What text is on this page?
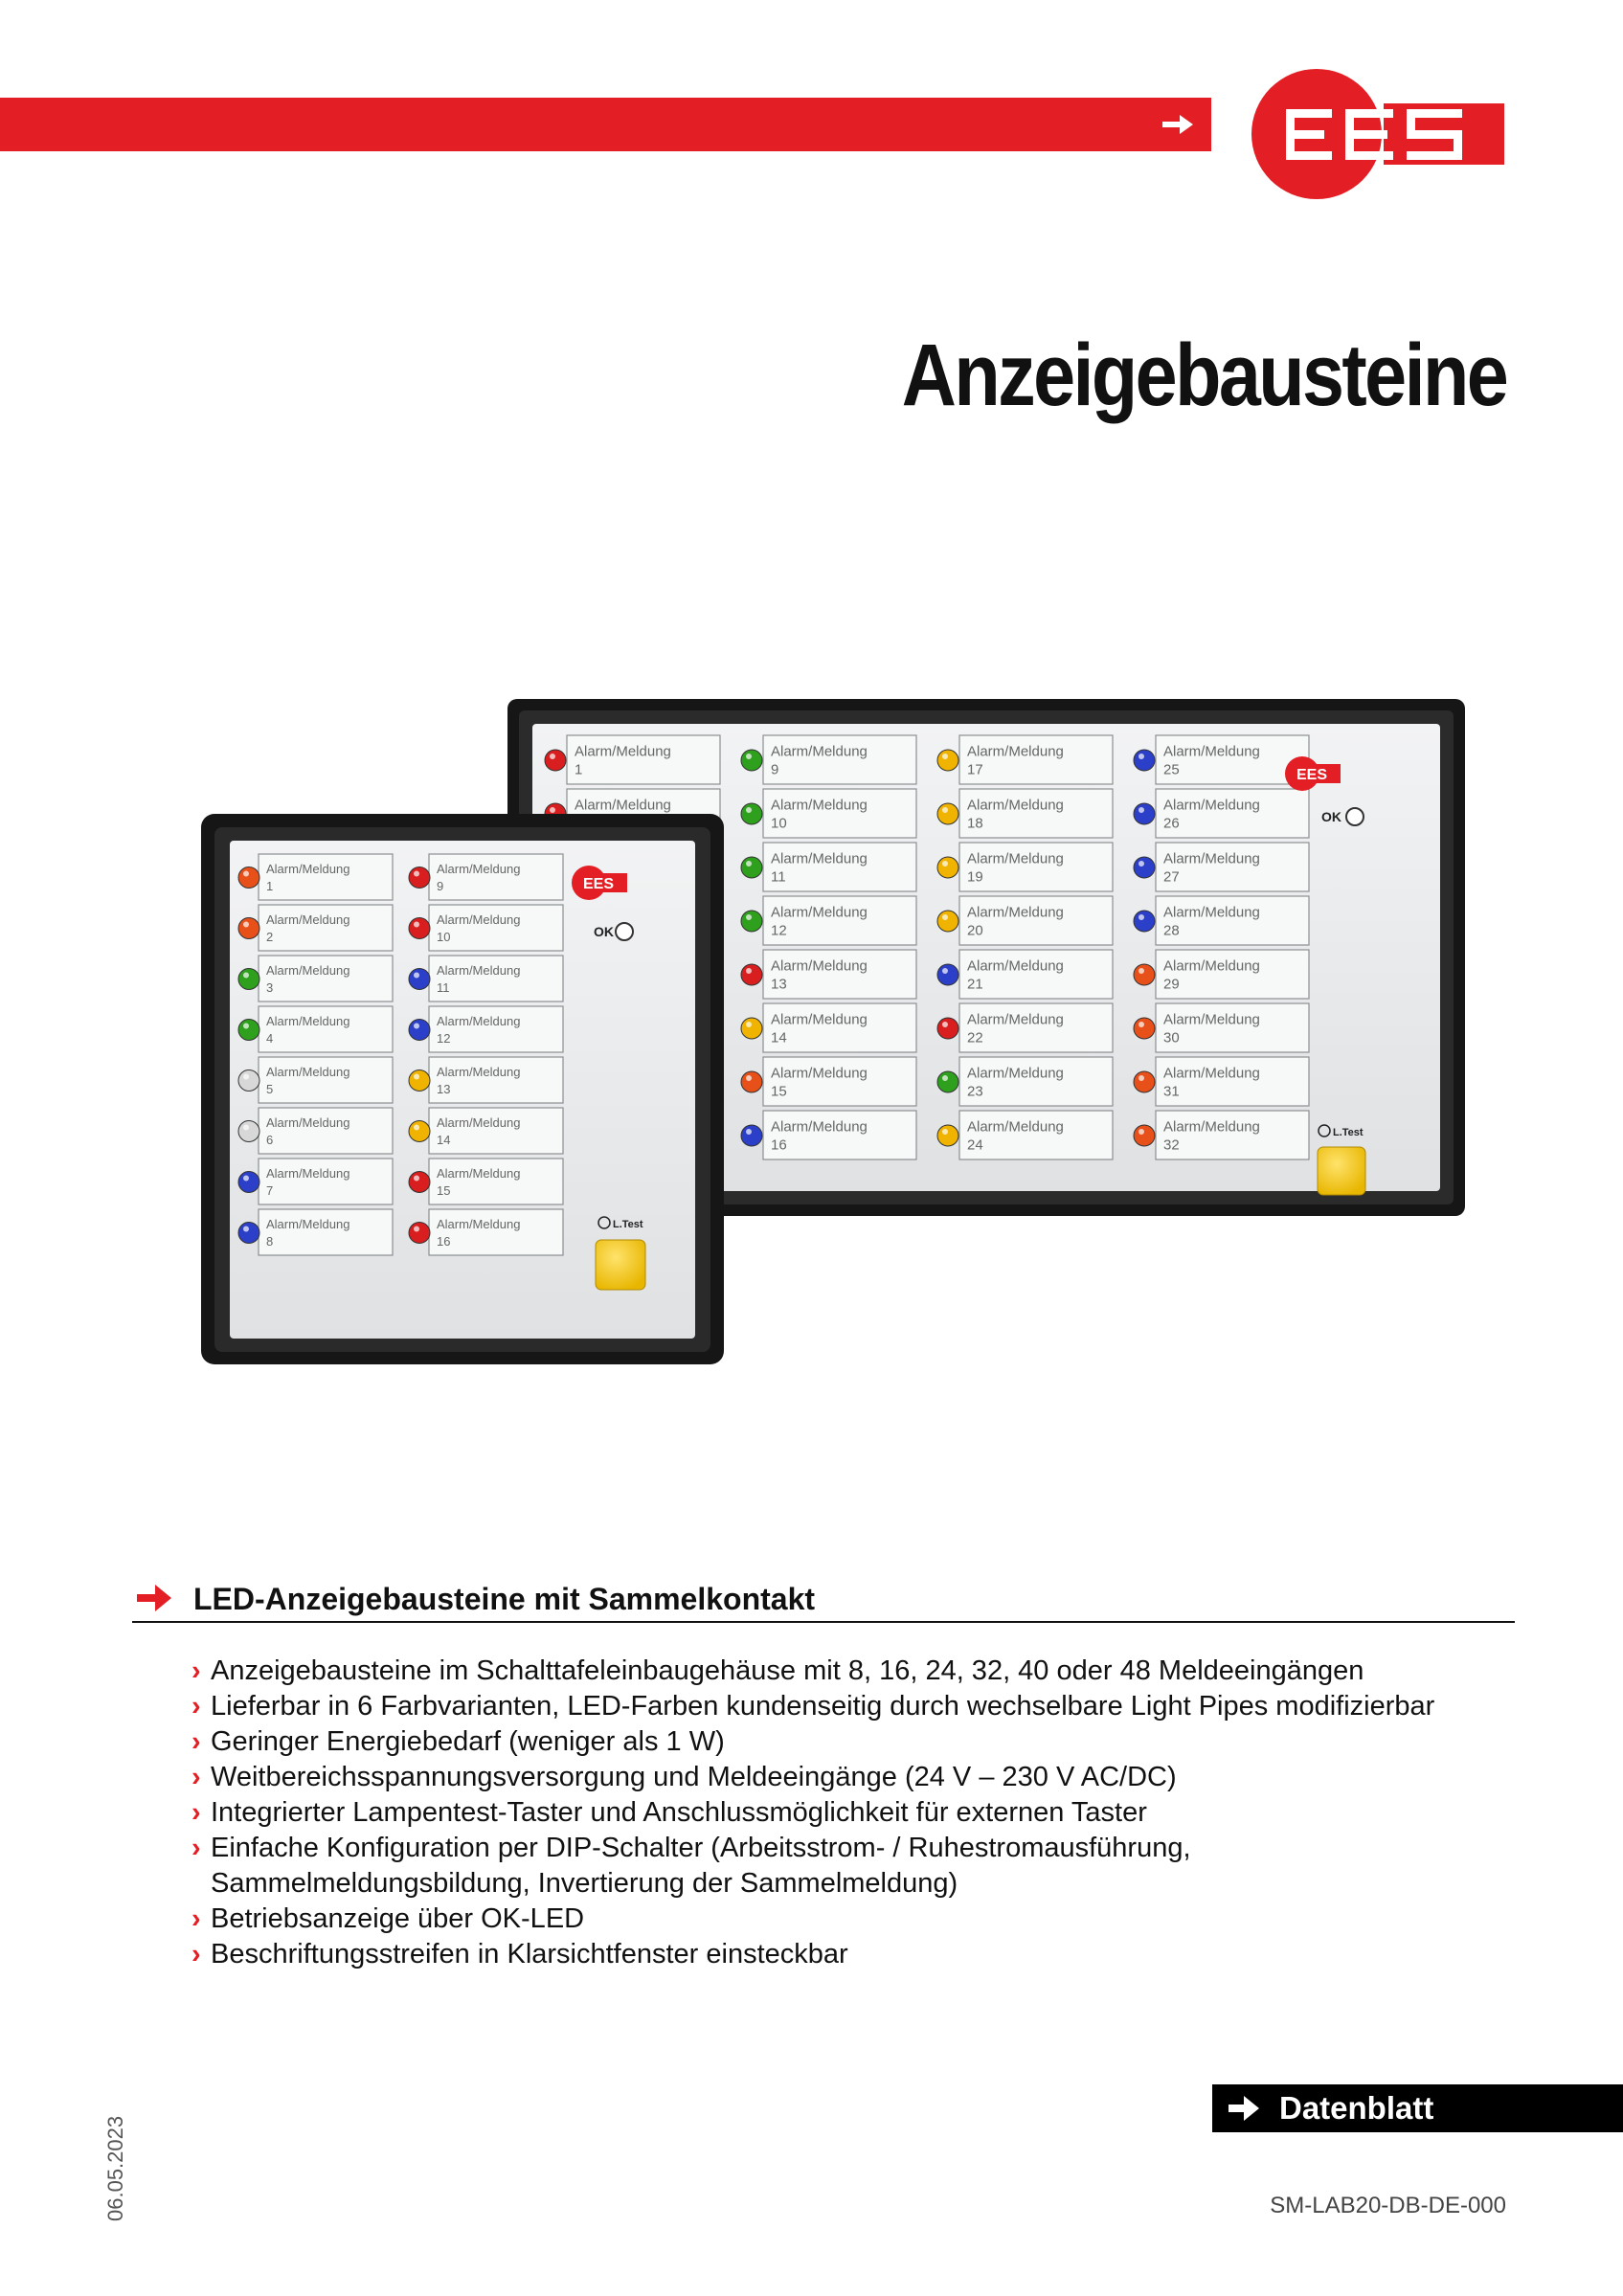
Anzeigebausteine
Alarm/Meldung
1
Alarm/Meldung
Alarm/Meldung
9
Alarm/Meldung
10
Alarm/Meldung
11
Alarm/Meldung
12
Alarm/Meldung
13
Alarm/Meldung
14
Alarm/Meldung
15
Alarm/Meldung
16
Alarm/Meldung
17
Alarm/Meldung
18
Alarm/Meldung
19
Alarm/Meldung
20
Alarm/Meldung
21
Alarm/Meldung
22
Alarm/Meldung
23
Alarm/Meldung
24
Alarm/Meldung
25
Alarm/Meldung
26
Alarm/Meldung
27
Alarm/Meldung
28
Alarm/Meldung
29
Alarm/Meldung
30
Alarm/Meldung
31
Alarm/Meldung
32
EES
OK
L.Test
Alarm/Meldung
1
Alarm/Meldung
2
Alarm/Meldung
3
Alarm/Meldung
4
Alarm/Meldung
5
Alarm/Meldung
6
Alarm/Meldung
7
Alarm/Meldung
8
Alarm/Meldung
9
Alarm/Meldung
10
Alarm/Meldung
11
Alarm/Meldung
12
Alarm/Meldung
13
Alarm/Meldung
14
Alarm/Meldung
15
Alarm/Meldung
16
EES
OK
L.Test
LED-Anzeigebausteine mit Sammelkontakt
› Anzeigebausteine im Schalttafeleinbaugehäuse mit 8, 16, 24, 32, 40 oder 48 Meldeeingängen
› Lieferbar in 6 Farbvarianten, LED-Farben kundenseitig durch wechselbare Light Pipes modifizierbar
› Geringer Energiebedarf (weniger als 1 W)
› Weitbereichsspannungsversorgung und Meldeeingänge (24 V – 230 V AC/DC)
› Integrierter Lampentest-Taster und Anschlussmöglichkeit für externen Taster
› Einfache Konfiguration per DIP-Schalter (Arbeitsstrom- / Ruhestromausführung, Sammelmeldungsbildung, Invertierung der Sammelmeldung)
› Betriebsanzeige über OK-LED
› Beschriftungsstreifen in Klarsichtfenster einsteckbar
06.05.2023
Datenblatt
SM-LAB20-DB-DE-000
